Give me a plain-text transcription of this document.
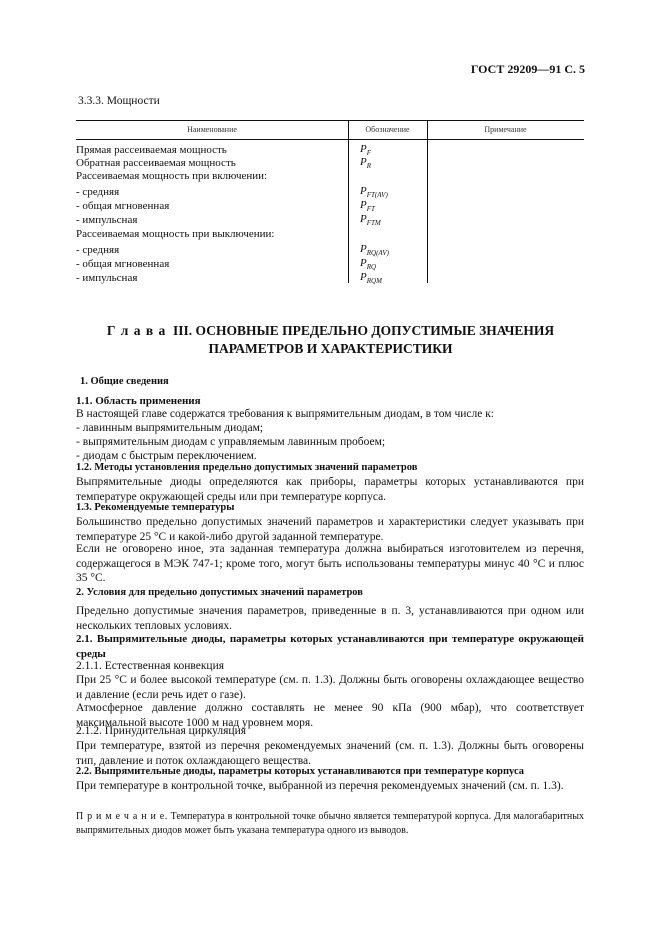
ГОСТ 29209—91 С. 5
3.3.3. Мощности
Наименование	Обозначение	Примечание
Прямая рассеиваемая мощность	$P_F$
Обратная рассеиваемая мощность	$P_R$
Рассеиваемая мощность при включении:
- средняя	$P_{FT(AV)}$
- общая мгновенная	$P_{FT}$
- импульсная	$P_{FTM}$
Рассеиваемая мощность при выключении:
- средняя	$P_{RQ(AV)}$
- общая мгновенная	$P_{RQ}$
- импульсная	$P_{RQM}$
Г л а в а III. ОСНОВНЫЕ ПРЕДЕЛЬНО ДОПУСТИМЫЕ ЗНАЧЕНИЯ
ПАРАМЕТРОВ И ХАРАКТЕРИСТИКИ
1. Общие сведения
1.1. Область применения
В настоящей главе содержатся требования к выпрямительным диодам, в том числе к:
- лавинным выпрямительным диодам;
- выпрямительным диодам с управляемым лавинным пробоем;
- диодам с быстрым переключением.
1.2. Методы установления предельно допустимых значений параметров
Выпрямительные диоды определяются как приборы, параметры которых устанавливаются при температуре окружающей среды или при температуре корпуса.
1.3. Рекомендуемые температуры
Большинство предельно допустимых значений параметров и характеристики следует указывать при температуре 25 °С и какой-либо другой заданной температуре.
Если не оговорено иное, эта заданная температура должна выбираться изготовителем из перечня, содержащегося в МЭК 747-1; кроме того, могут быть использованы температуры минус 40 °С и плюс 35 °С.
2. Условия для предельно допустимых значений параметров
Предельно допустимые значения параметров, приведенные в п. 3, устанавливаются при одном или нескольких тепловых условиях.
2.1. Выпрямительные диоды, параметры которых устанавливаются при температуре окружающей среды
2.1.1. Естественная конвекция
При 25 °С и более высокой температуре (см. п. 1.3). Должны быть оговорены охлаждающее вещество и давление (если речь идет о газе).
Атмосферное давление должно составлять не менее 90 кПа (900 мбар), что соответствует максимальной высоте 1000 м над уровнем моря.
2.1.2. Принудительная циркуляция
При температуре, взятой из перечня рекомендуемых значений (см. п. 1.3). Должны быть оговорены тип, давление и поток охлаждающего вещества.
2.2. Выпрямительные диоды, параметры которых устанавливаются при температуре корпуса
При температуре в контрольной точке, выбранной из перечня рекомендуемых значений (см. п. 1.3).
П р и м е ч а н и е. Температура в контрольной точке обычно является температурой корпуса. Для малогабаритных выпрямительных диодов может быть указана температура одного из выводов.
